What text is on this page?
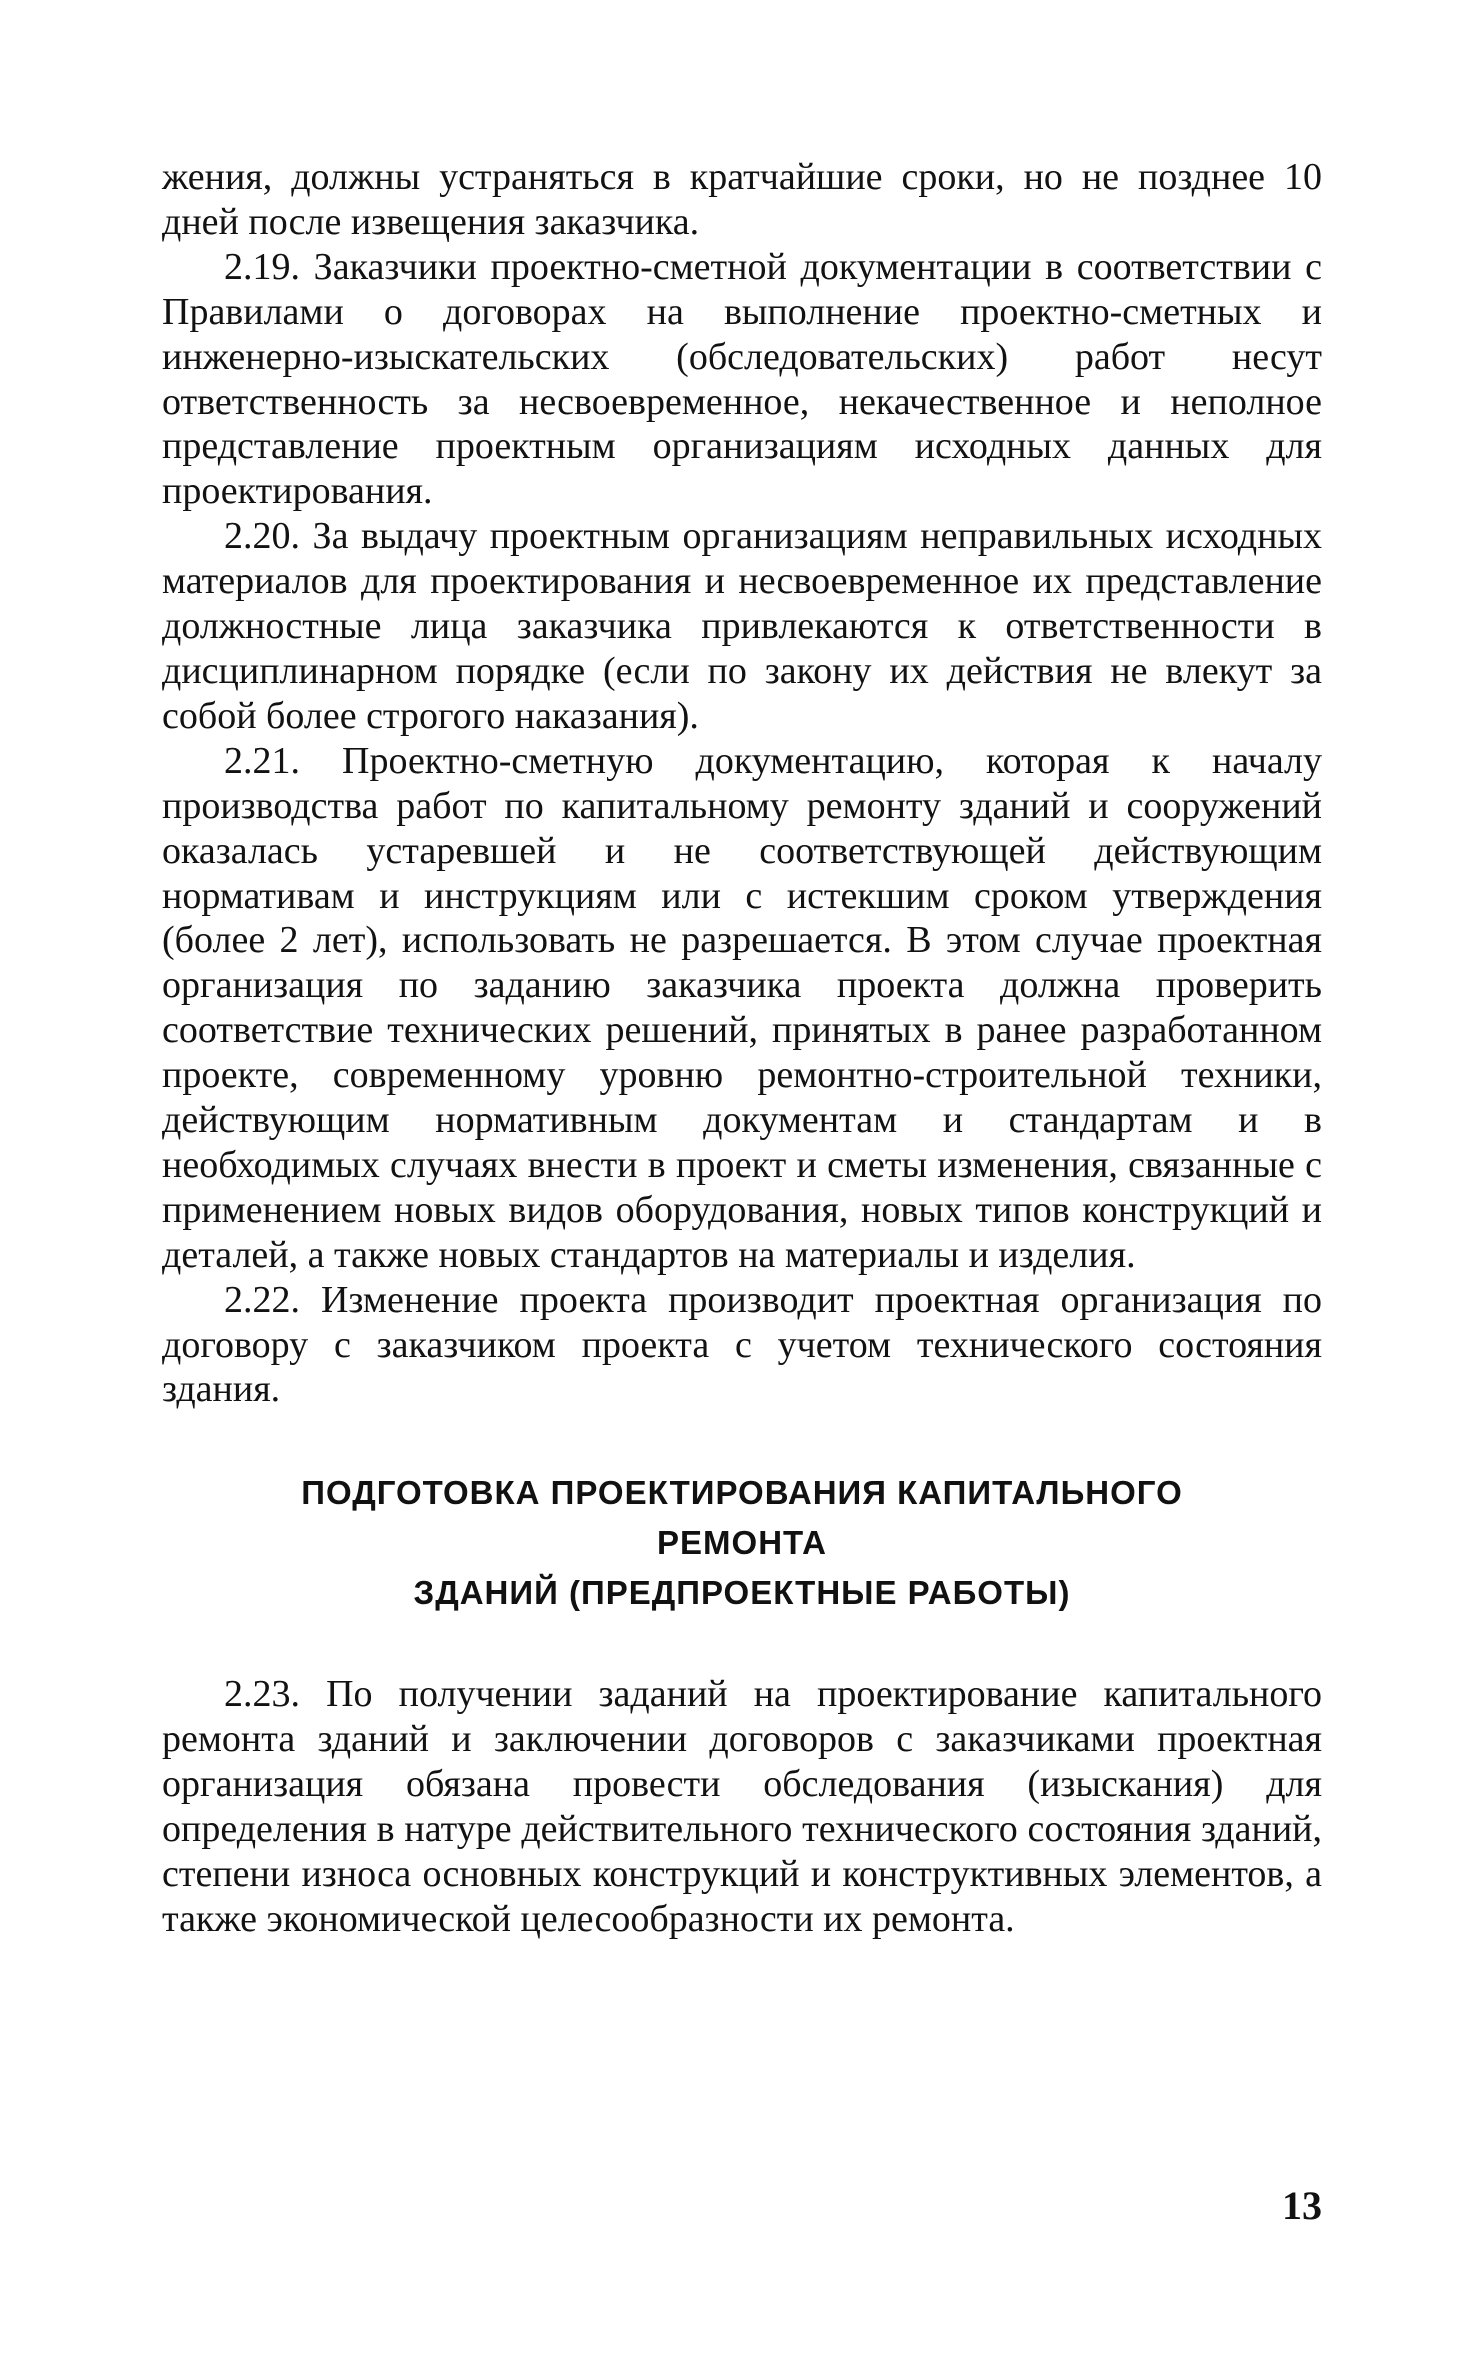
жения, должны устраняться в кратчайшие сроки, но не позднее 10 дней после извещения заказчика.

2.19. Заказчики проектно-сметной документации в соответствии с Правилами о договорах на выполнение проектно-сметных и инженерно-изыскательских (обследовательских) работ несут ответственность за несвоевременное, некачественное и неполное представление проектным организациям исходных данных для проектирования.

2.20. За выдачу проектным организациям неправильных исходных материалов для проектирования и несвоевременное их представление должностные лица заказчика привлекаются к ответственности в дисциплинарном порядке (если по закону их действия не влекут за собой более строгого наказания).

2.21. Проектно-сметную документацию, которая к началу производства работ по капитальному ремонту зданий и сооружений оказалась устаревшей и не соответствующей действующим нормативам и инструкциям или с истекшим сроком утверждения (более 2 лет), использовать не разрешается. В этом случае проектная организация по заданию заказчика проекта должна проверить соответствие технических решений, принятых в ранее разработанном проекте, современному уровню ремонтно-строительной техники, действующим нормативным документам и стандартам и в необходимых случаях внести в проект и сметы изменения, связанные с применением новых видов оборудования, новых типов конструкций и деталей, а также новых стандартов на материалы и изделия.

2.22. Изменение проекта производит проектная организация по договору с заказчиком проекта с учетом технического состояния здания.

ПОДГОТОВКА ПРОЕКТИРОВАНИЯ КАПИТАЛЬНОГО
РЕМОНТА
ЗДАНИЙ (ПРЕДПРОЕКТНЫЕ РАБОТЫ)

2.23. По получении заданий на проектирование капитального ремонта зданий и заключении договоров с заказчиками проектная организация обязана провести обследования (изыскания) для определения в натуре действительного технического состояния зданий, степени износа основных конструкций и конструктивных элементов, а также экономической целесообразности их ремонта.

13
